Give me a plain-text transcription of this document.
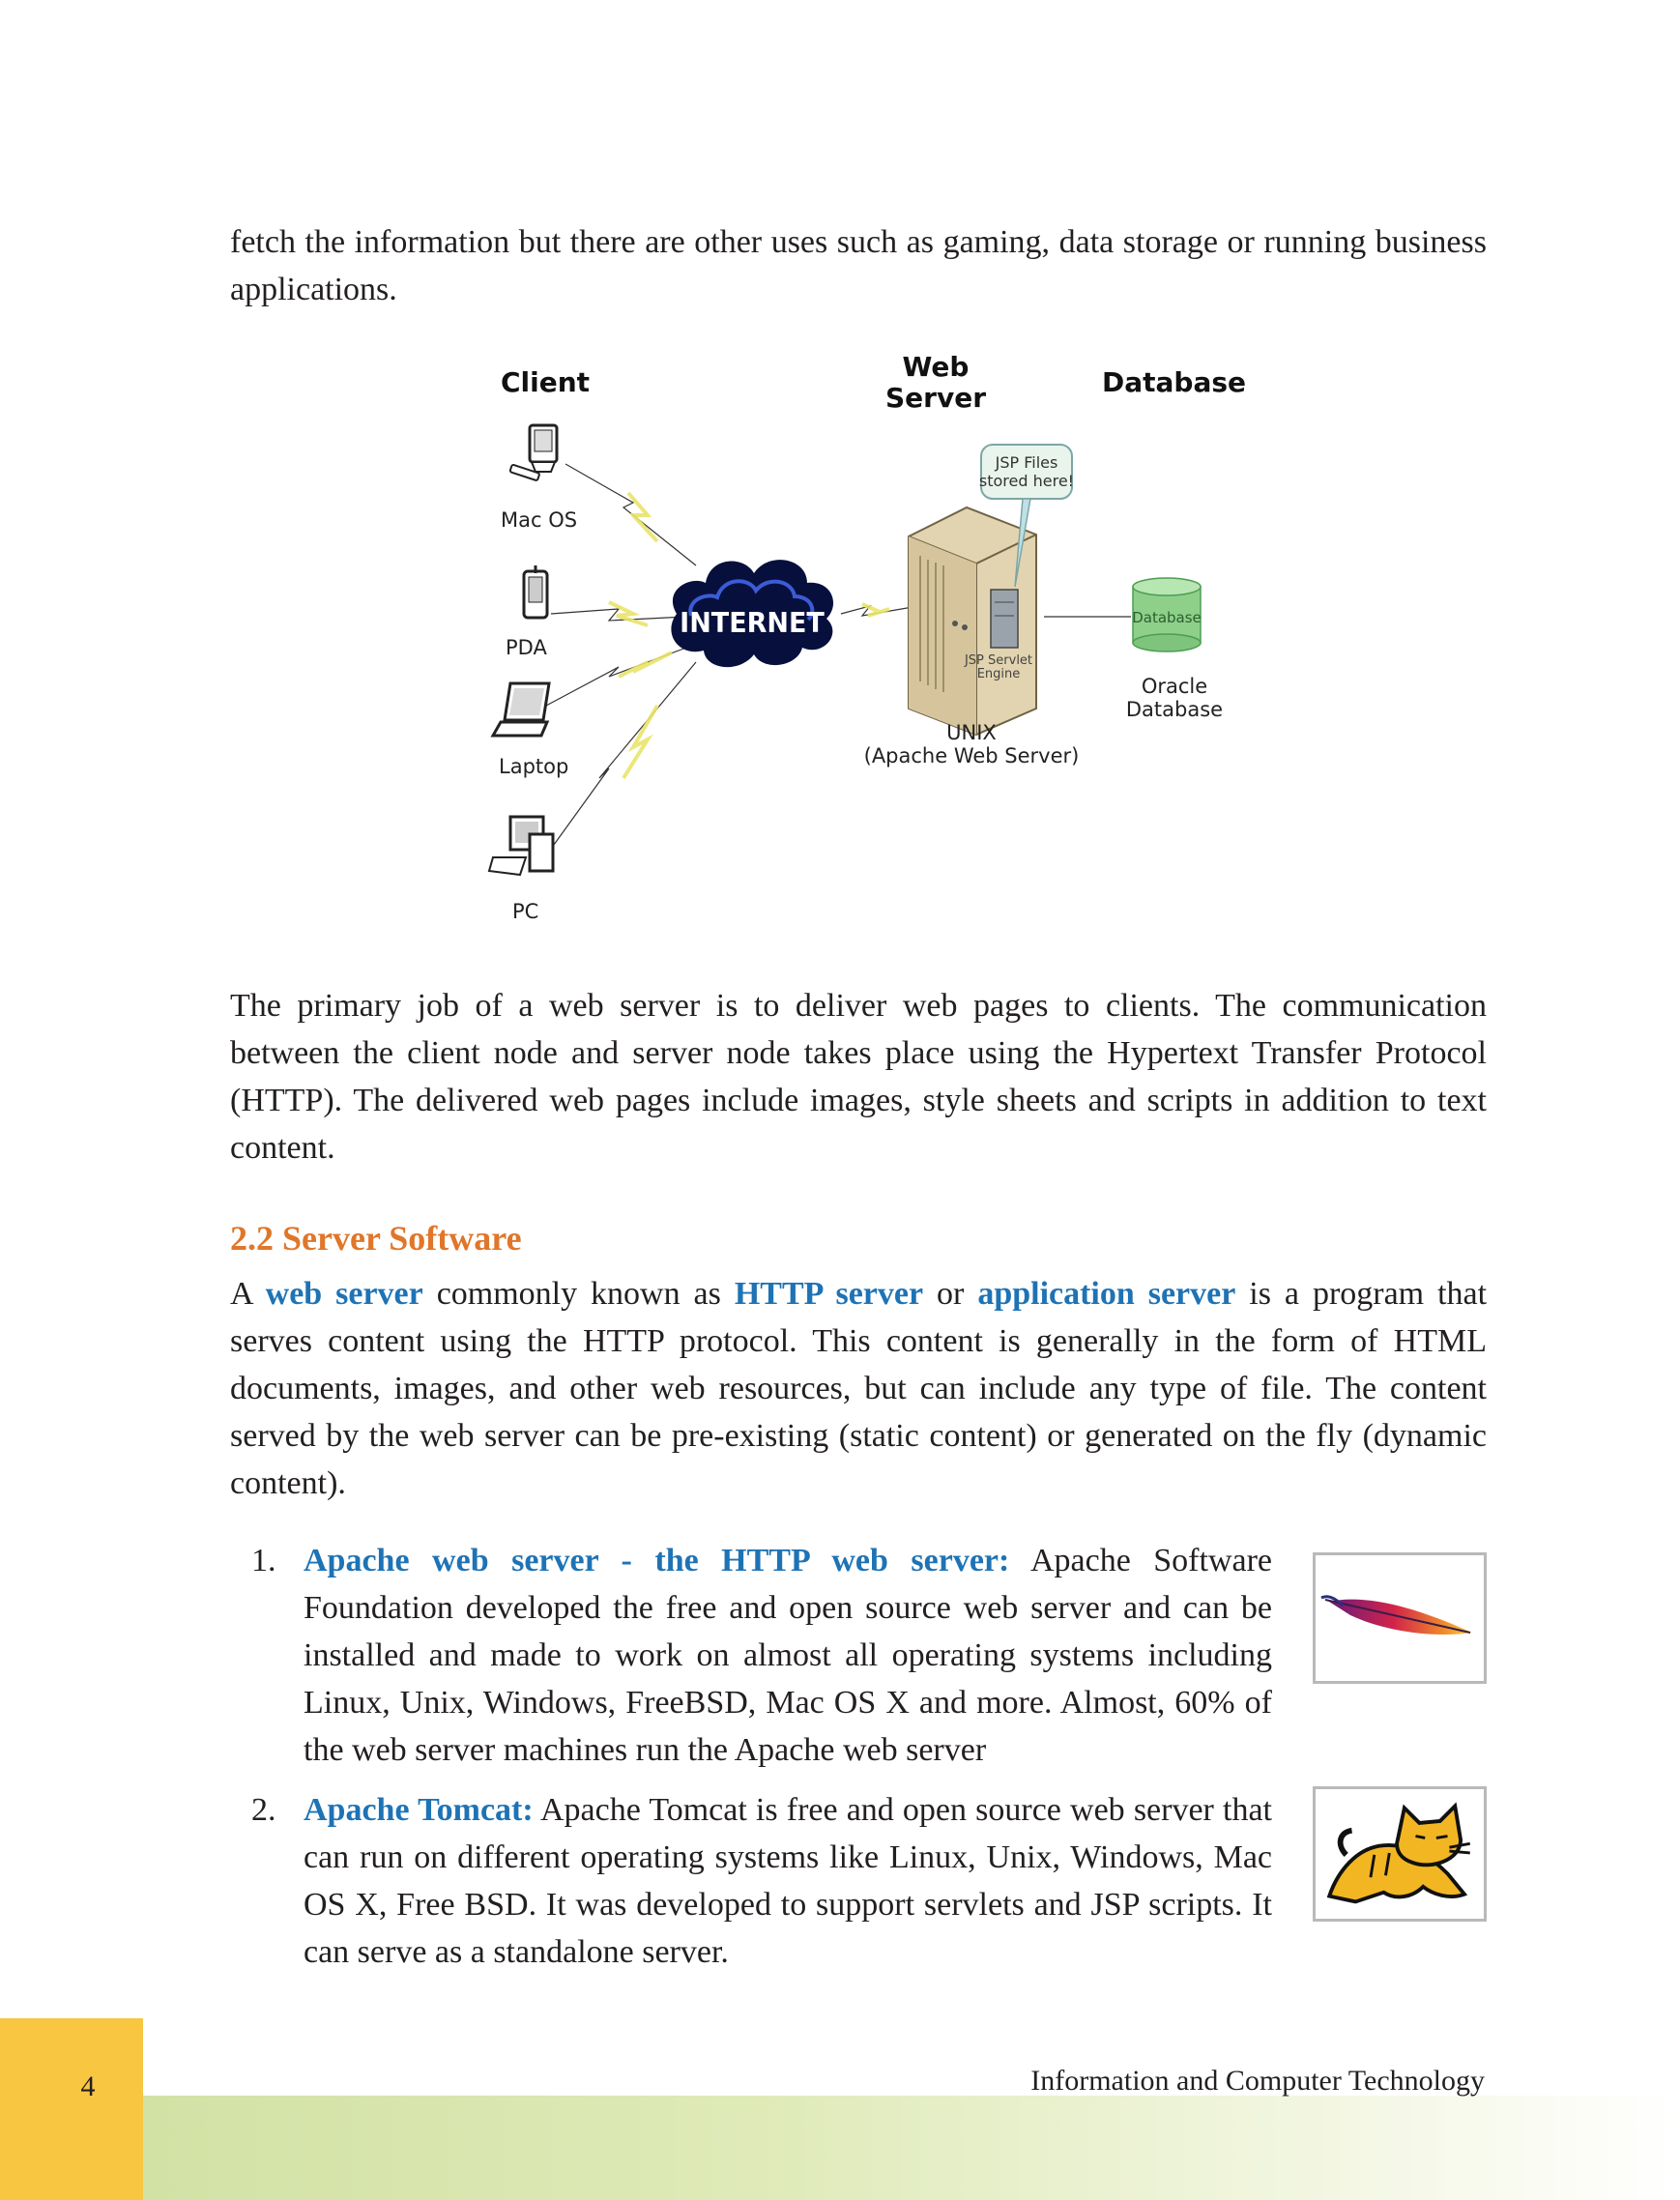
fetch the information but there are other uses such as gaming, data storage or running business applications.

Client	Web
Server	Database
Mac OS
PDA
Laptop
PC
INTERNET
JSP Servlet
Engine
JSP Files
stored here!
UNIX
(Apache Web Server)
Database
Oracle
Database

The primary job of a web server is to deliver web pages to clients. The communication between the client node and server node takes place using the Hypertext Transfer Protocol (HTTP). The delivered web pages include images, style sheets and scripts in addition to text content.

2.2 Server Software

A web server commonly known as HTTP server or application server is a program that serves content using the HTTP protocol. This content is generally in the form of HTML documents, images, and other web resources, but can include any type of file. The content served by the web server can be pre-existing (static content) or generated on the fly (dynamic content).

1. Apache web server - the HTTP web server: Apache Software Foundation developed the free and open source web server and can be installed and made to work on almost all operating systems including Linux, Unix, Windows, FreeBSD, Mac OS X and more. Almost, 60% of the web server machines run the Apache web server
2. Apache Tomcat: Apache Tomcat is free and open source web server that can run on different operating systems like Linux, Unix, Windows, Mac OS X, Free BSD. It was developed to support servlets and JSP scripts. It can serve as a standalone server.
4	Information and Computer Technology
